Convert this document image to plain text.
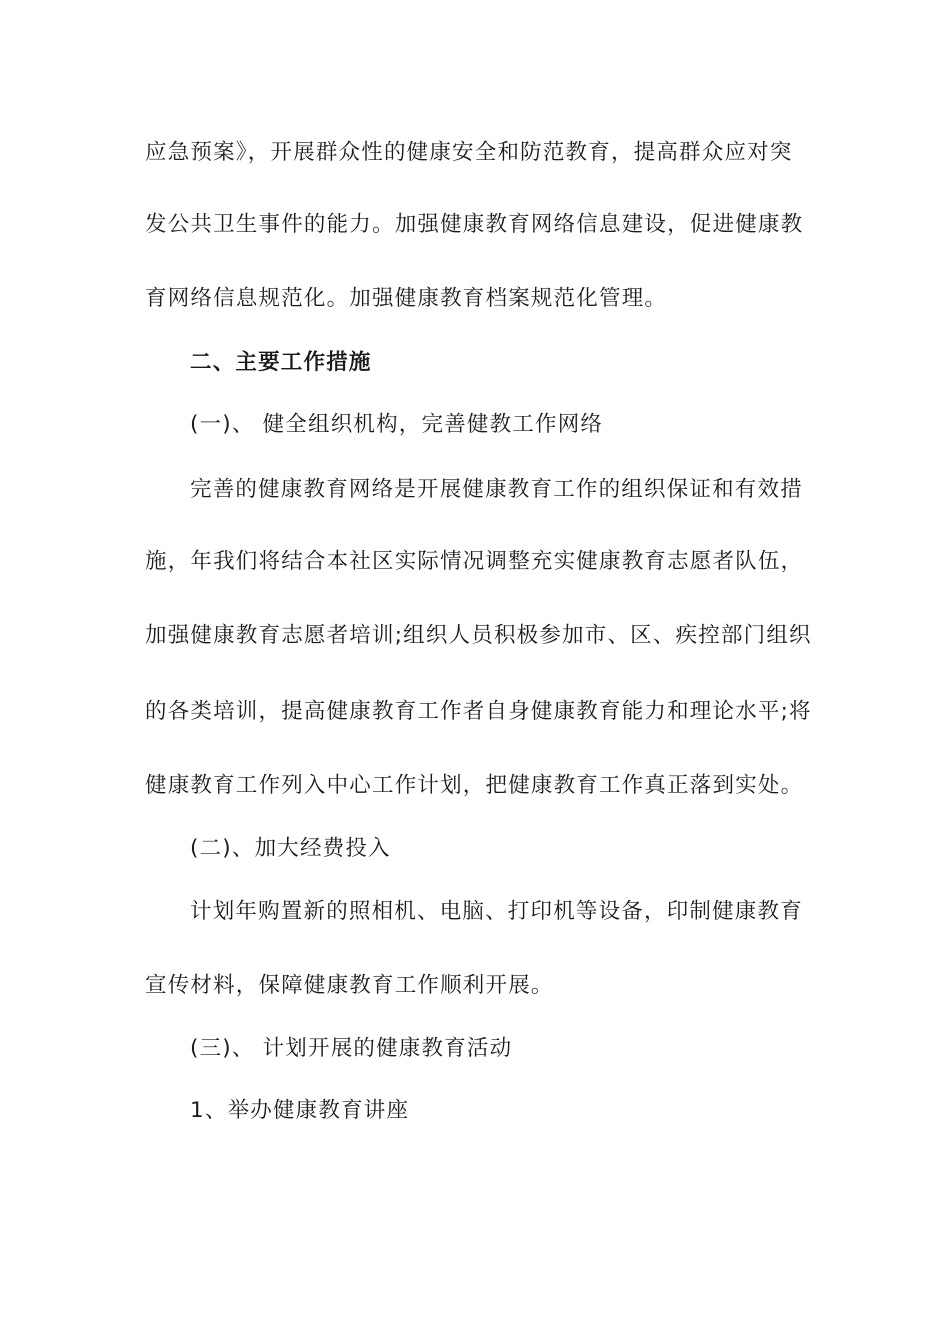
应急预案》，开展群众性的健康安全和防范教育，提高群众应对突
发公共卫生事件的能力。加强健康教育网络信息建设，促进健康教
育网络信息规范化。加强健康教育档案规范化管理。
二、主要工作措施
(一)、 健全组织机构，完善健教工作网络
完善的健康教育网络是开展健康教育工作的组织保证和有效措
施，年我们将结合本社区实际情况调整充实健康教育志愿者队伍，
加强健康教育志愿者培训;组织人员积极参加市、区、疾控部门组织
的各类培训，提高健康教育工作者自身健康教育能力和理论水平;将
健康教育工作列入中心工作计划，把健康教育工作真正落到实处。
(二)、加大经费投入
计划年购置新的照相机、电脑、打印机等设备，印制健康教育
宣传材料，保障健康教育工作顺利开展。
(三)、 计划开展的健康教育活动
1、举办健康教育讲座
